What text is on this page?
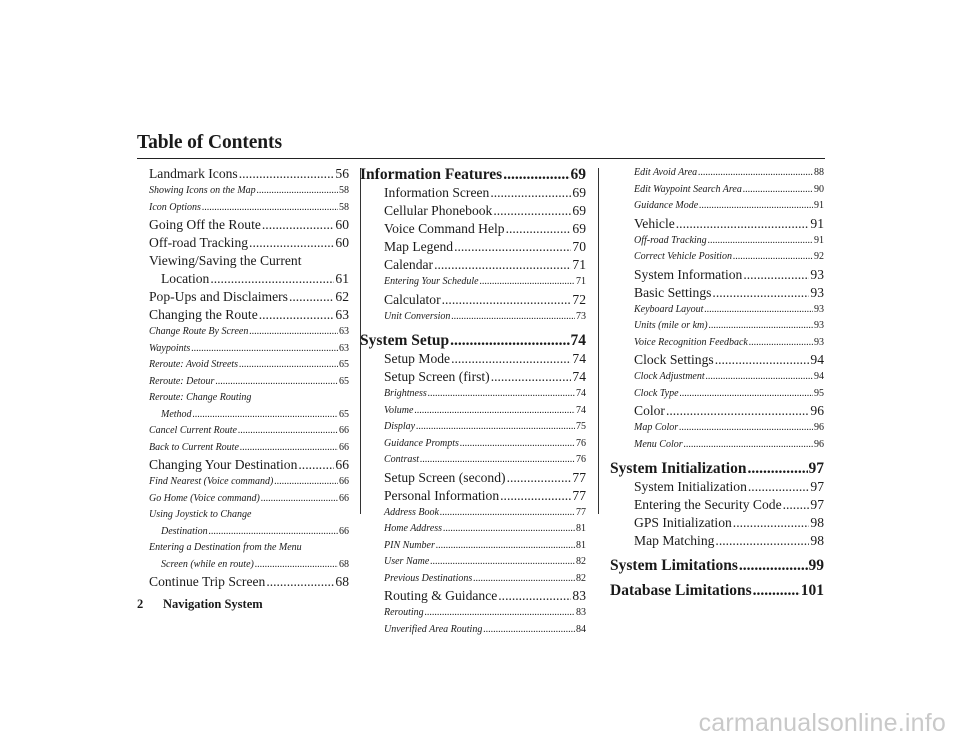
Table of Contents
Landmark Icons .....	56
Showing Icons on the Map .....	58
Icon Options .....	58
Going Off the Route .....	60
Off-road Tracking .....	60
Viewing/Saving the Current
Location .....	61
Pop-Ups and Disclaimers .....	62
Changing the Route .....	63
Change Route By Screen .....	63
Waypoints .....	63
Reroute: Avoid Streets .....	65
Reroute: Detour .....	65
Reroute: Change Routing
Method .....	65
Cancel Current Route .....	66
Back to Current Route .....	66
Changing Your Destination .....	66
Find Nearest (Voice command) .....	66
Go Home (Voice command) .....	66
Using Joystick to Change
Destination .....	66
Entering a Destination from the Menu
Screen (while en route) .....	68
Continue Trip Screen .....	68
Information Features .....	69
Information Screen .....	69
Cellular Phonebook .....	69
Voice Command Help .....	69
Map Legend .....	70
Calendar .....	71
Entering Your Schedule .....	71
Calculator .....	72
Unit Conversion .....	73
System Setup .....	74
Setup Mode .....	74
Setup Screen (first) .....	74
Brightness .....	74
Volume .....	74
Display .....	75
Guidance Prompts .....	76
Contrast .....	76
Setup Screen (second) .....	77
Personal Information .....	77
Address Book .....	77
Home Address .....	81
PIN Number .....	81
User Name .....	82
Previous Destinations .....	82
Routing & Guidance .....	83
Rerouting .....	83
Unverified Area Routing .....	84
Edit Avoid Area .....	88
Edit Waypoint Search Area .....	90
Guidance Mode .....	91
Vehicle .....	91
Off-road Tracking .....	91
Correct Vehicle Position .....	92
System Information .....	93
Basic Settings .....	93
Keyboard Layout .....	93
Units (mile or km) .....	93
Voice Recognition Feedback .....	93
Clock Settings .....	94
Clock Adjustment .....	94
Clock Type .....	95
Color .....	96
Map Color .....	96
Menu Color .....	96
System Initialization .....	97
System Initialization .....	97
Entering the Security Code ..... 97
GPS Initialization .....	98
Map Matching .....	98
System Limitations .....	99
Database Limitations .....	101
2 Navigation System
carmanualsonline.info
